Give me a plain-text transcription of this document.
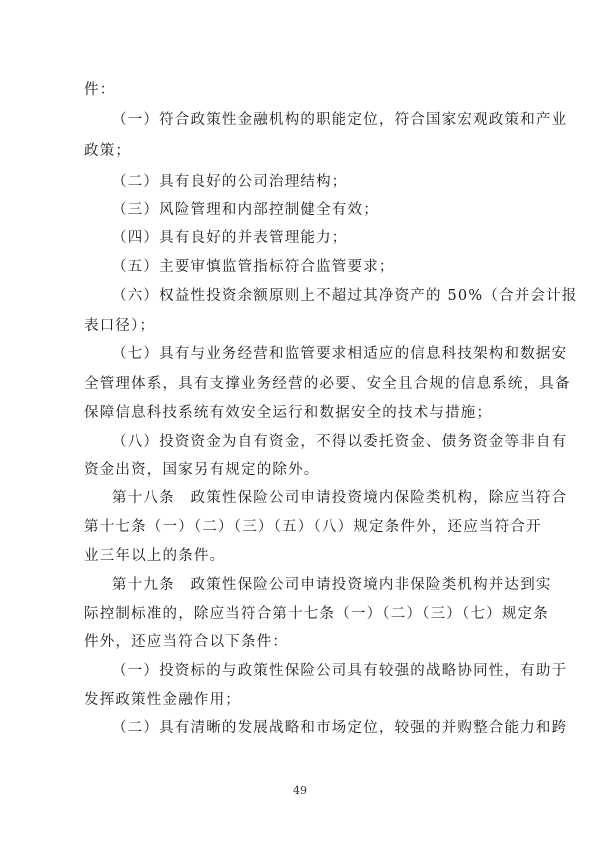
件：
（一）符合政策性金融机构的职能定位，符合国家宏观政策和产业
政策；
（二）具有良好的公司治理结构；
（三）风险管理和内部控制健全有效；
（四）具有良好的并表管理能力；
（五）主要审慎监管指标符合监管要求；
（六）权益性投资余额原则上不超过其净资产的 50%（合并会计报
表口径）；
（七）具有与业务经营和监管要求相适应的信息科技架构和数据安
全管理体系，具有支撑业务经营的必要、安全且合规的信息系统，具备
保障信息科技系统有效安全运行和数据安全的技术与措施；
（八）投资资金为自有资金，不得以委托资金、债务资金等非自有
资金出资，国家另有规定的除外。
第十八条　政策性保险公司申请投资境内保险类机构，除应当符合
第十七条（一）（二）（三）（五）（八）规定条件外，还应当符合开
业三年以上的条件。
第十九条　政策性保险公司申请投资境内非保险类机构并达到实
际控制标准的，除应当符合第十七条（一）（二）（三）（七）规定条
件外，还应当符合以下条件：
（一）投资标的与政策性保险公司具有较强的战略协同性，有助于
发挥政策性金融作用；
（二）具有清晰的发展战略和市场定位，较强的并购整合能力和跨
49
